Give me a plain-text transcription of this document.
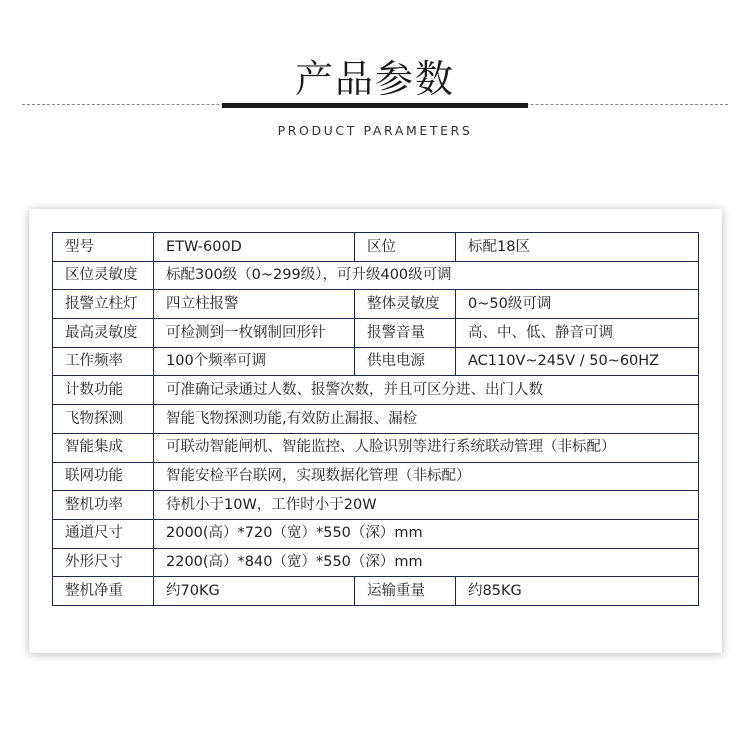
产品参数
PRODUCT PARAMETERS
型号	ETW-600D	区位	标配18区
区位灵敏度	标配300级（0~299级），可升级400级可调		
报警立柱灯	四立柱报警	整体灵敏度	0~50级可调
最高灵敏度	可检测到一枚钢制回形针	报警音量	高、中、低、静音可调
工作频率	100个频率可调	供电电源	AC110V~245V / 50~60HZ
计数功能	可准确记录通过人数、报警次数，并且可区分进、出门人数		
飞物探测	智能飞物探测功能,有效防止漏报、漏检		
智能集成	可联动智能闸机、智能监控、人脸识别等进行系统联动管理（非标配）		
联网功能	智能安检平台联网，实现数据化管理（非标配）		
整机功率	待机小于10W，工作时小于20W		
通道尺寸	2000(高）*720（宽）*550（深）mm		
外形尺寸	2200(高）*840（宽）*550（深）mm		
整机净重	约70KG	运输重量	约85KG
